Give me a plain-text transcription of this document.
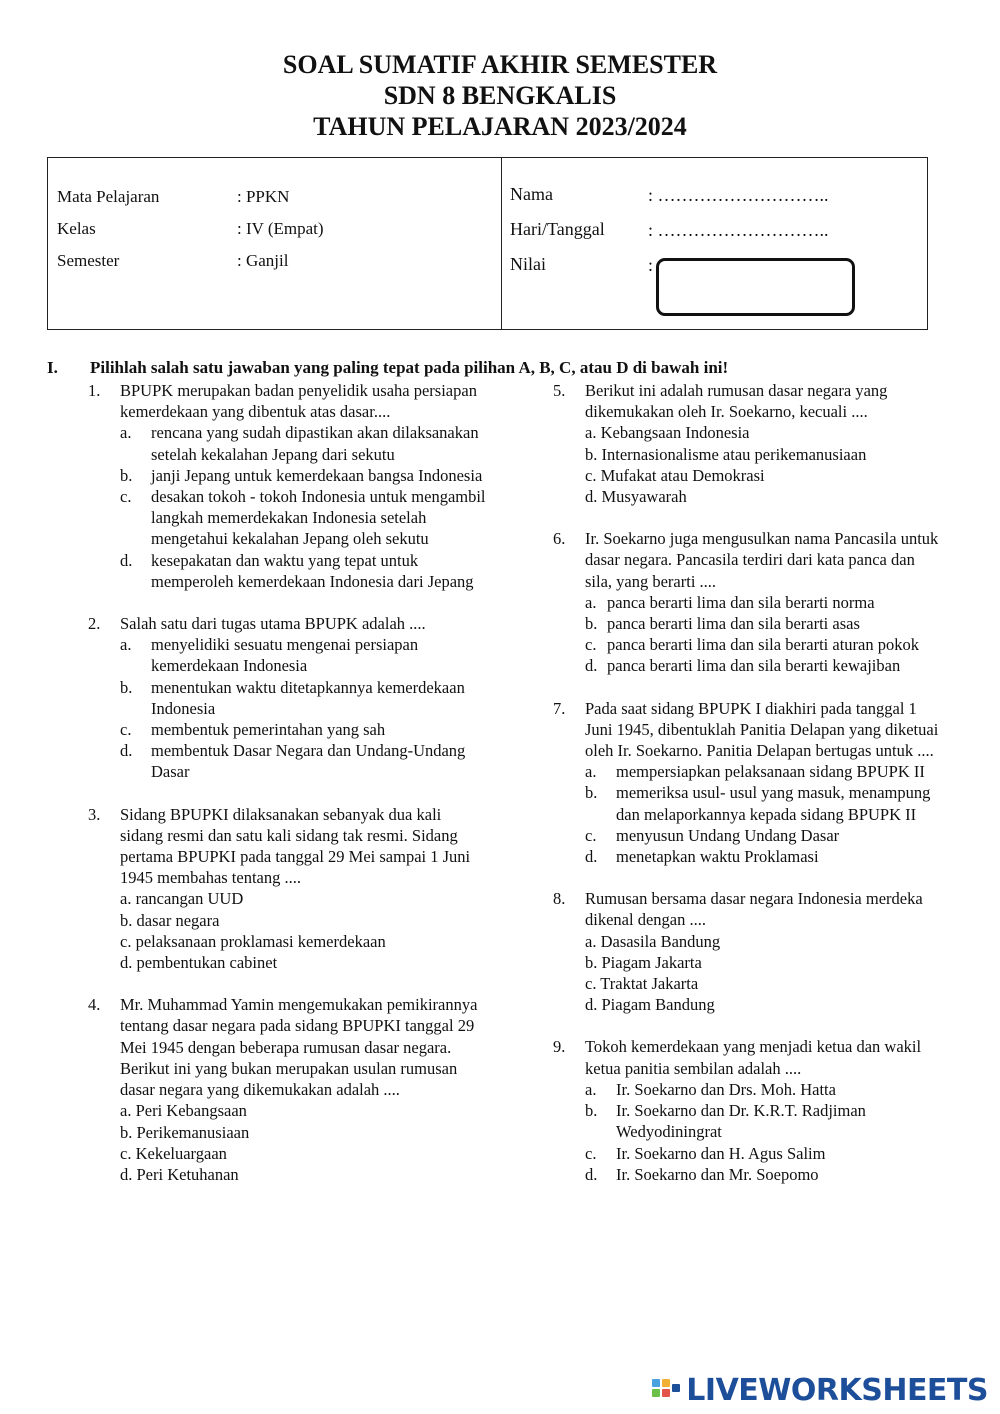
SOAL SUMATIF AKHIR SEMESTER
SDN 8 BENGKALIS
TAHUN PELAJARAN 2023/2024
Mata Pelajaran	: PPKN
Kelas	: IV (Empat)
Semester	: Ganjil
Nama	: ………………………..
Hari/Tanggal : ………………………..
Nilai	:
I. Pilihlah salah satu jawaban yang paling tepat pada pilihan A, B, C, atau D di bawah ini!
1. BPUPK merupakan badan penyelidik usaha persiapan kemerdekaan yang dibentuk atas dasar....
a. rencana yang sudah dipastikan akan dilaksanakan setelah kekalahan Jepang dari sekutu
b. janji Jepang untuk kemerdekaan bangsa Indonesia
c. desakan tokoh - tokoh Indonesia untuk mengambil langkah memerdekakan Indonesia setelah mengetahui kekalahan Jepang oleh sekutu
d. kesepakatan dan waktu yang tepat untuk memperoleh kemerdekaan Indonesia dari Jepang
2. Salah satu dari tugas utama BPUPK adalah ....
a. menyelidiki sesuatu mengenai persiapan kemerdekaan Indonesia
b. menentukan waktu ditetapkannya kemerdekaan Indonesia
c. membentuk pemerintahan yang sah
d. membentuk Dasar Negara dan Undang-Undang Dasar
3. Sidang BPUPKI dilaksanakan sebanyak dua kali sidang resmi dan satu kali sidang tak resmi. Sidang pertama BPUPKI pada tanggal 29 Mei sampai 1 Juni 1945 membahas tentang ....
a. rancangan UUD
b. dasar negara
c. pelaksanaan proklamasi kemerdekaan
d. pembentukan cabinet
4. Mr. Muhammad Yamin mengemukakan pemikirannya tentang dasar negara pada sidang BPUPKI tanggal 29 Mei 1945 dengan beberapa rumusan dasar negara. Berikut ini yang bukan merupakan usulan rumusan dasar negara yang dikemukakan adalah ....
a. Peri Kebangsaan
b. Perikemanusiaan
c. Kekeluargaan
d. Peri Ketuhanan
5. Berikut ini adalah rumusan dasar negara yang dikemukakan oleh Ir. Soekarno, kecuali ....
a. Kebangsaan Indonesia
b. Internasionalisme atau perikemanusiaan
c. Mufakat atau Demokrasi
d. Musyawarah
6. Ir. Soekarno juga mengusulkan nama Pancasila untuk dasar negara. Pancasila terdiri dari kata panca dan sila, yang berarti ....
a. panca berarti lima dan sila berarti norma
b. panca berarti lima dan sila berarti asas
c. panca berarti lima dan sila berarti aturan pokok
d. panca berarti lima dan sila berarti kewajiban
7. Pada saat sidang BPUPK I diakhiri pada tanggal 1 Juni 1945, dibentuklah Panitia Delapan yang diketuai oleh Ir. Soekarno. Panitia Delapan bertugas untuk ....
a. mempersiapkan pelaksanaan sidang BPUPK II
b. memeriksa usul- usul yang masuk, menampung dan melaporkannya kepada sidang BPUPK II
c. menyusun Undang Undang Dasar
d. menetapkan waktu Proklamasi
8. Rumusan bersama dasar negara Indonesia merdeka dikenal dengan ....
a. Dasasila Bandung
b. Piagam Jakarta
c. Traktat Jakarta
d. Piagam Bandung
9. Tokoh kemerdekaan yang menjadi ketua dan wakil ketua panitia sembilan adalah ....
a. Ir. Soekarno dan Drs. Moh. Hatta
b. Ir. Soekarno dan Dr. K.R.T. Radjiman Wedyodiningrat
c. Ir. Soekarno dan H. Agus Salim
d. Ir. Soekarno dan Mr. Soepomo
LIVEWORKSHEETS
